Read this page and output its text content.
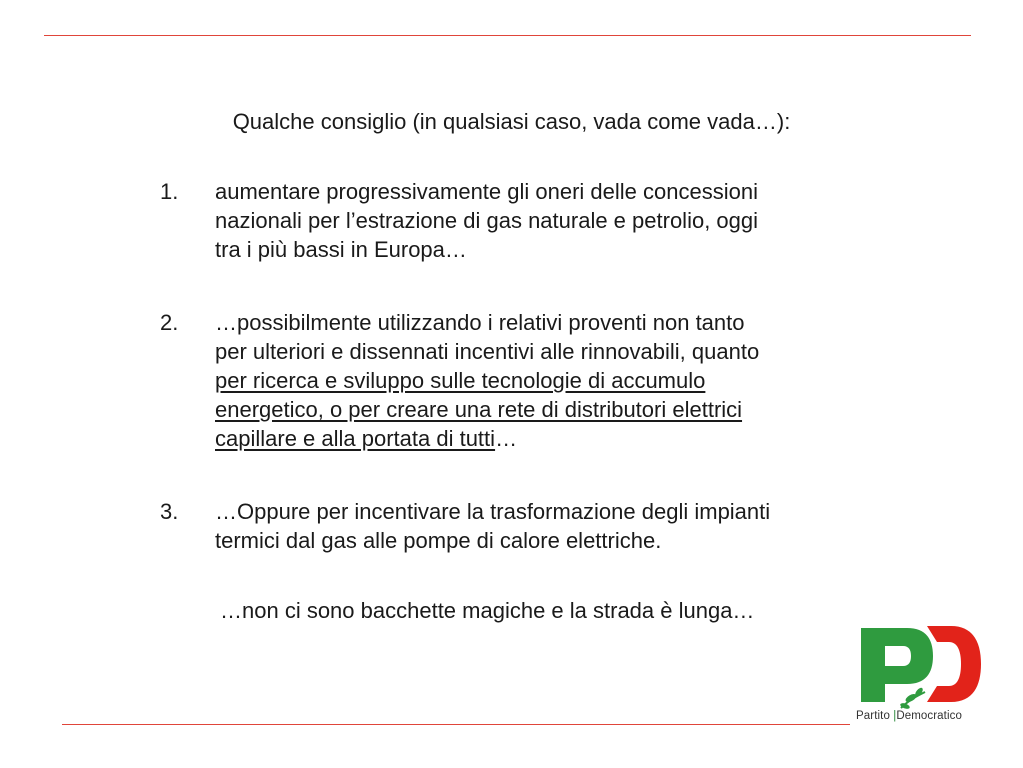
Qualche consiglio (in qualsiasi caso, vada come vada…):
1.	aumentare progressivamente gli oneri delle concessioni
nazionali per l’estrazione di gas naturale e petrolio, oggi
tra i più bassi in Europa…
2.	…possibilmente utilizzando i relativi proventi non tanto
per ulteriori e dissennati incentivi alle rinnovabili, quanto
per ricerca e sviluppo sulle tecnologie di accumulo
energetico, o per creare una rete di distributori elettrici
capillare e alla portata di tutti…
3.	…Oppure per incentivare la trasformazione degli impianti
termici dal gas alle pompe di calore elettriche.
…non ci sono bacchette magiche e la strada è lunga…
Partito |Democratico
